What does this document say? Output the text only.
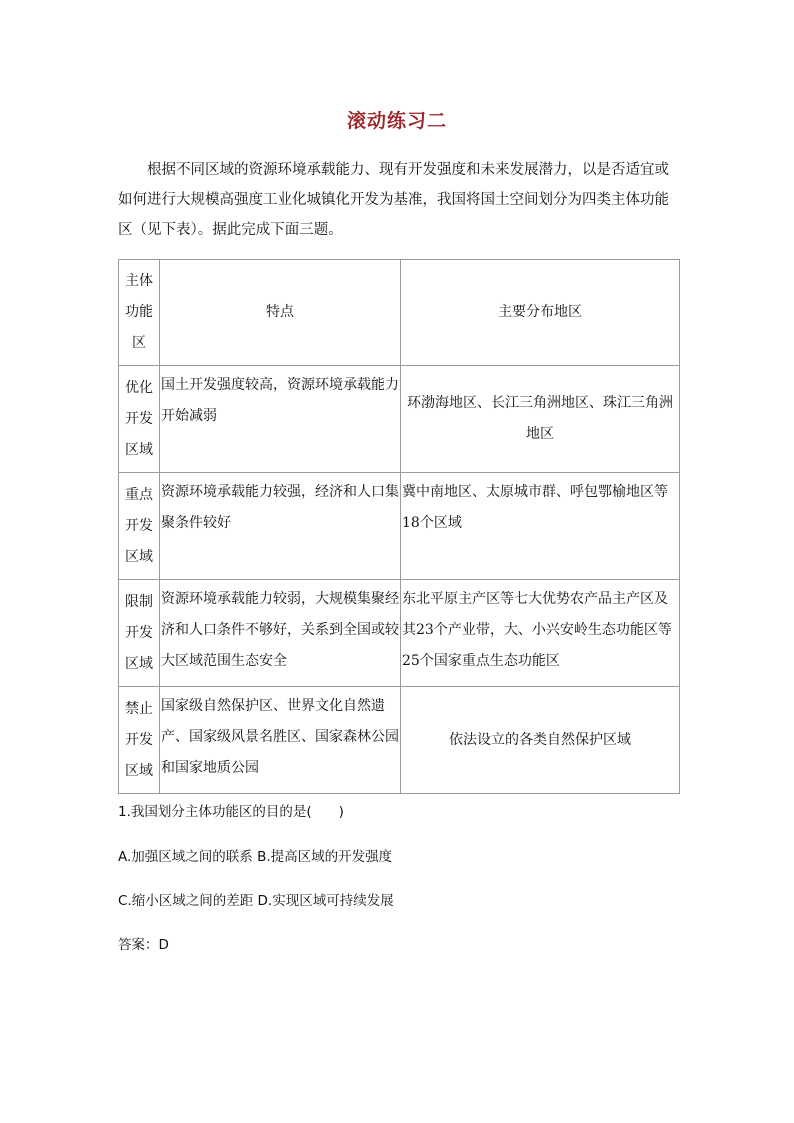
滚动练习二

根据不同区域的资源环境承载能力、现有开发强度和未来发展潜力，以是否适宜或如何进行大规模高强度工业化城镇化开发为基准，我国将国土空间划分为四类主体功能区（见下表）。据此完成下面三题。

主体功能区	特点	主要分布地区
优化开发区域	国土开发强度较高，资源环境承载能力开始减弱	环渤海地区、长江三角洲地区、珠江三角洲地区
重点开发区域	资源环境承载能力较强，经济和人口集聚条件较好	冀中南地区、太原城市群、呼包鄂榆地区等18个区域
限制开发区域	资源环境承载能力较弱，大规模集聚经济和人口条件不够好，关系到全国或较大区域范围生态安全	东北平原主产区等七大优势农产品主产区及其23个产业带，大、小兴安岭生态功能区等25个国家重点生态功能区
禁止开发区域	国家级自然保护区、世界文化自然遗产、国家级风景名胜区、国家森林公园和国家地质公园	依法设立的各类自然保护区域

1.我国划分主体功能区的目的是(　　)

A.加强区域之间的联系 B.提高区域的开发强度

C.缩小区域之间的差距 D.实现区域可持续发展

答案：D
